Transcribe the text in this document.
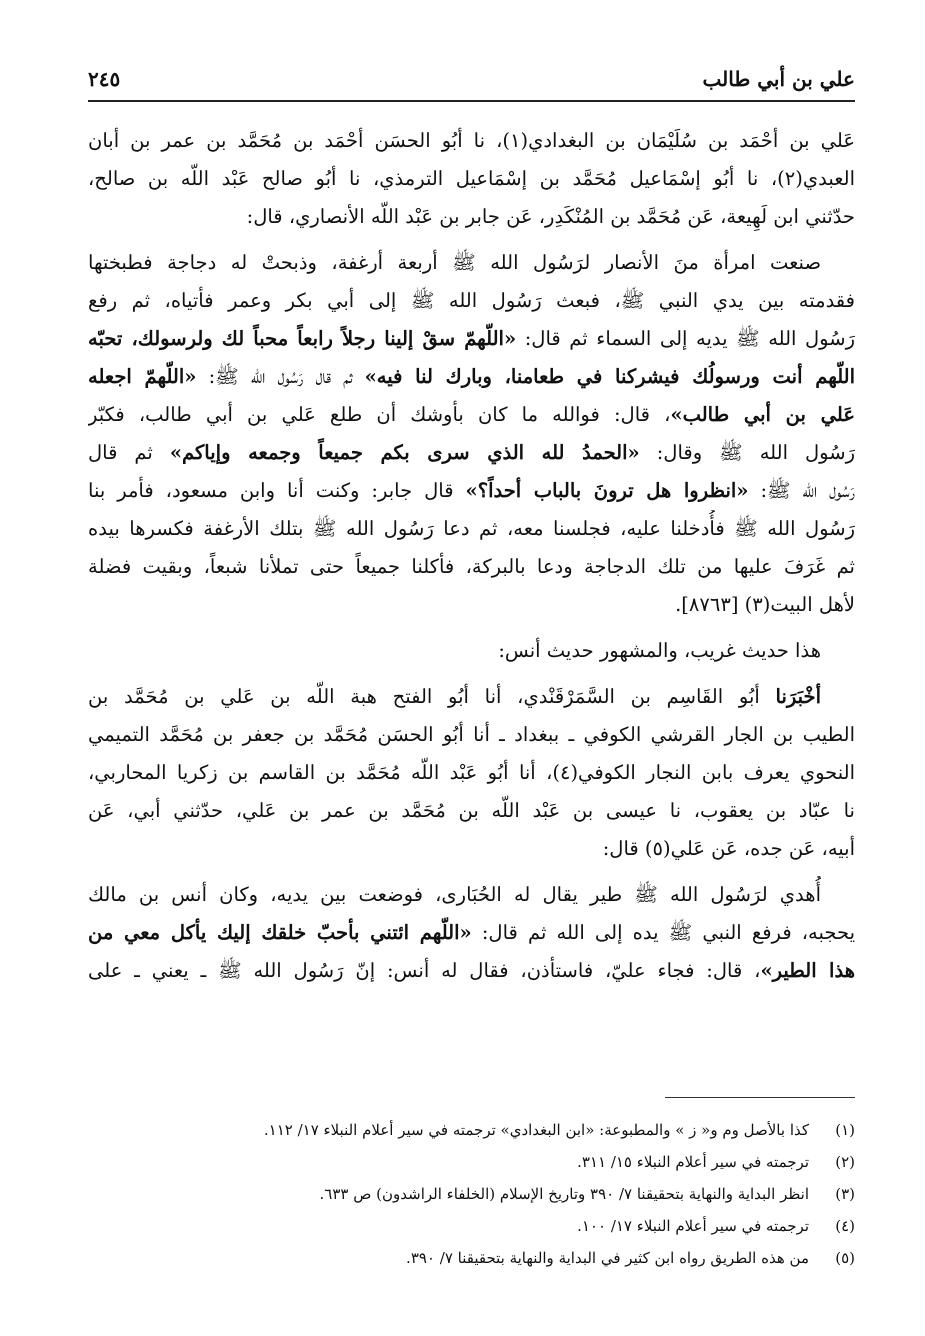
علي بن أبي طالب
٢٤٥
عَلي بن أحْمَد بن سُلَيْمَان بن البغدادي(١)، نا أبُو الحسَن أحْمَد بن مُحَمَّد بن عمر بن أبان
العبدي(٢)، نا أبُو إسْمَاعيل مُحَمَّد بن إسْمَاعيل الترمذي، نا أبُو صالح عَبْد اللّه بن صالح،
حدّثني ابن لَهِيعة، عَن مُحَمَّد بن المُنْكَدِر، عَن جابر بن عَبْد اللّه الأنصاري، قال:
صنعت امرأة منَ الأنصار لرَسُول الله ﷺ أربعة أرغفة، وذبحتْ له دجاجة فطبختها
فقدمته بين يدي النبي ﷺ، فبعث رَسُول الله ﷺ إلى أبي بكر وعمر فأتياه، ثم رفع
رَسُول الله ﷺ يديه إلى السماء ثم قال: «اللّهمّ سقْ إلينا رجلاً رابعاً محباً لك ولرسولك، تحبّه
اللّهم أنت ورسولُك فيشركنا في طعامنا، وبارك لنا فيه» ثم قال رَسُول الله ﷺ: «اللّهمّ اجعله
عَلي بن أبي طالب»، قال: فوالله ما كان بأوشك أن طلع عَلي بن أبي طالب، فكبّر
رَسُول الله ﷺ وقال: «الحمدُ لله الذي سرى بكم جميعاً وجمعه وإياكم» ثم قال
رَسُول الله ﷺ: «انظروا هل ترونَ بالباب أحداً؟» قال جابر: وكنت أنا وابن مسعود، فأمر بنا
رَسُول الله ﷺ فأُدخلنا عليه، فجلسنا معه، ثم دعا رَسُول الله ﷺ بتلك الأرغفة فكسرها بيده
ثم غَرَفَ عليها من تلك الدجاجة ودعا بالبركة، فأكلنا جميعاً حتى تملأنا شبعاً، وبقيت فضلة
لأهل البيت(٣) [٨٧٦٣].
هذا حديث غريب، والمشهور حديث أنس:
أخْبَرَنا أبُو القَاسِم بن السَّمَرْقَنْدي، أنا أبُو الفتح هبة اللّه بن عَلي بن مُحَمَّد بن
الطيب بن الجار القرشي الكوفي ـ ببغداد ـ أنا أبُو الحسَن مُحَمَّد بن جعفر بن مُحَمَّد التميمي
النحوي يعرف بابن النجار الكوفي(٤)، أنا أبُو عَبْد اللّه مُحَمَّد بن القاسم بن زكريا المحاربي،
نا عبّاد بن يعقوب، نا عيسى بن عَبْد اللّه بن مُحَمَّد بن عمر بن عَلي، حدّثني أبي، عَن
أبيه، عَن جده، عَن عَلي(٥) قال:
أُهدي لرَسُول الله ﷺ طير يقال له الحُبَارى، فوضعت بين يديه، وكان أنس بن مالك
يحجبه، فرفع النبي ﷺ يده إلى الله ثم قال: «اللّهم ائتني بأحبّ خلقك إليك يأكل معي من
هذا الطير»، قال: فجاء عليّ، فاستأذن، فقال له أنس: إنّ رَسُول الله ﷺ ـ يعني ـ على
(١)كذا بالأصل وم و« ز » والمطبوعة: «ابن البغدادي» ترجمته في سير أعلام النبلاء ١٧/ ١١٢.
(٢)ترجمته في سير أعلام النبلاء ١٥/ ٣١١.
(٣)انظر البداية والنهاية بتحقيقنا ٧/ ٣٩٠ وتاريخ الإسلام (الخلفاء الراشدون) ص ٦٣٣.
(٤)ترجمته في سير أعلام النبلاء ١٧/ ١٠٠.
(٥)من هذه الطريق رواه ابن كثير في البداية والنهاية بتحقيقنا ٧/ ٣٩٠.
